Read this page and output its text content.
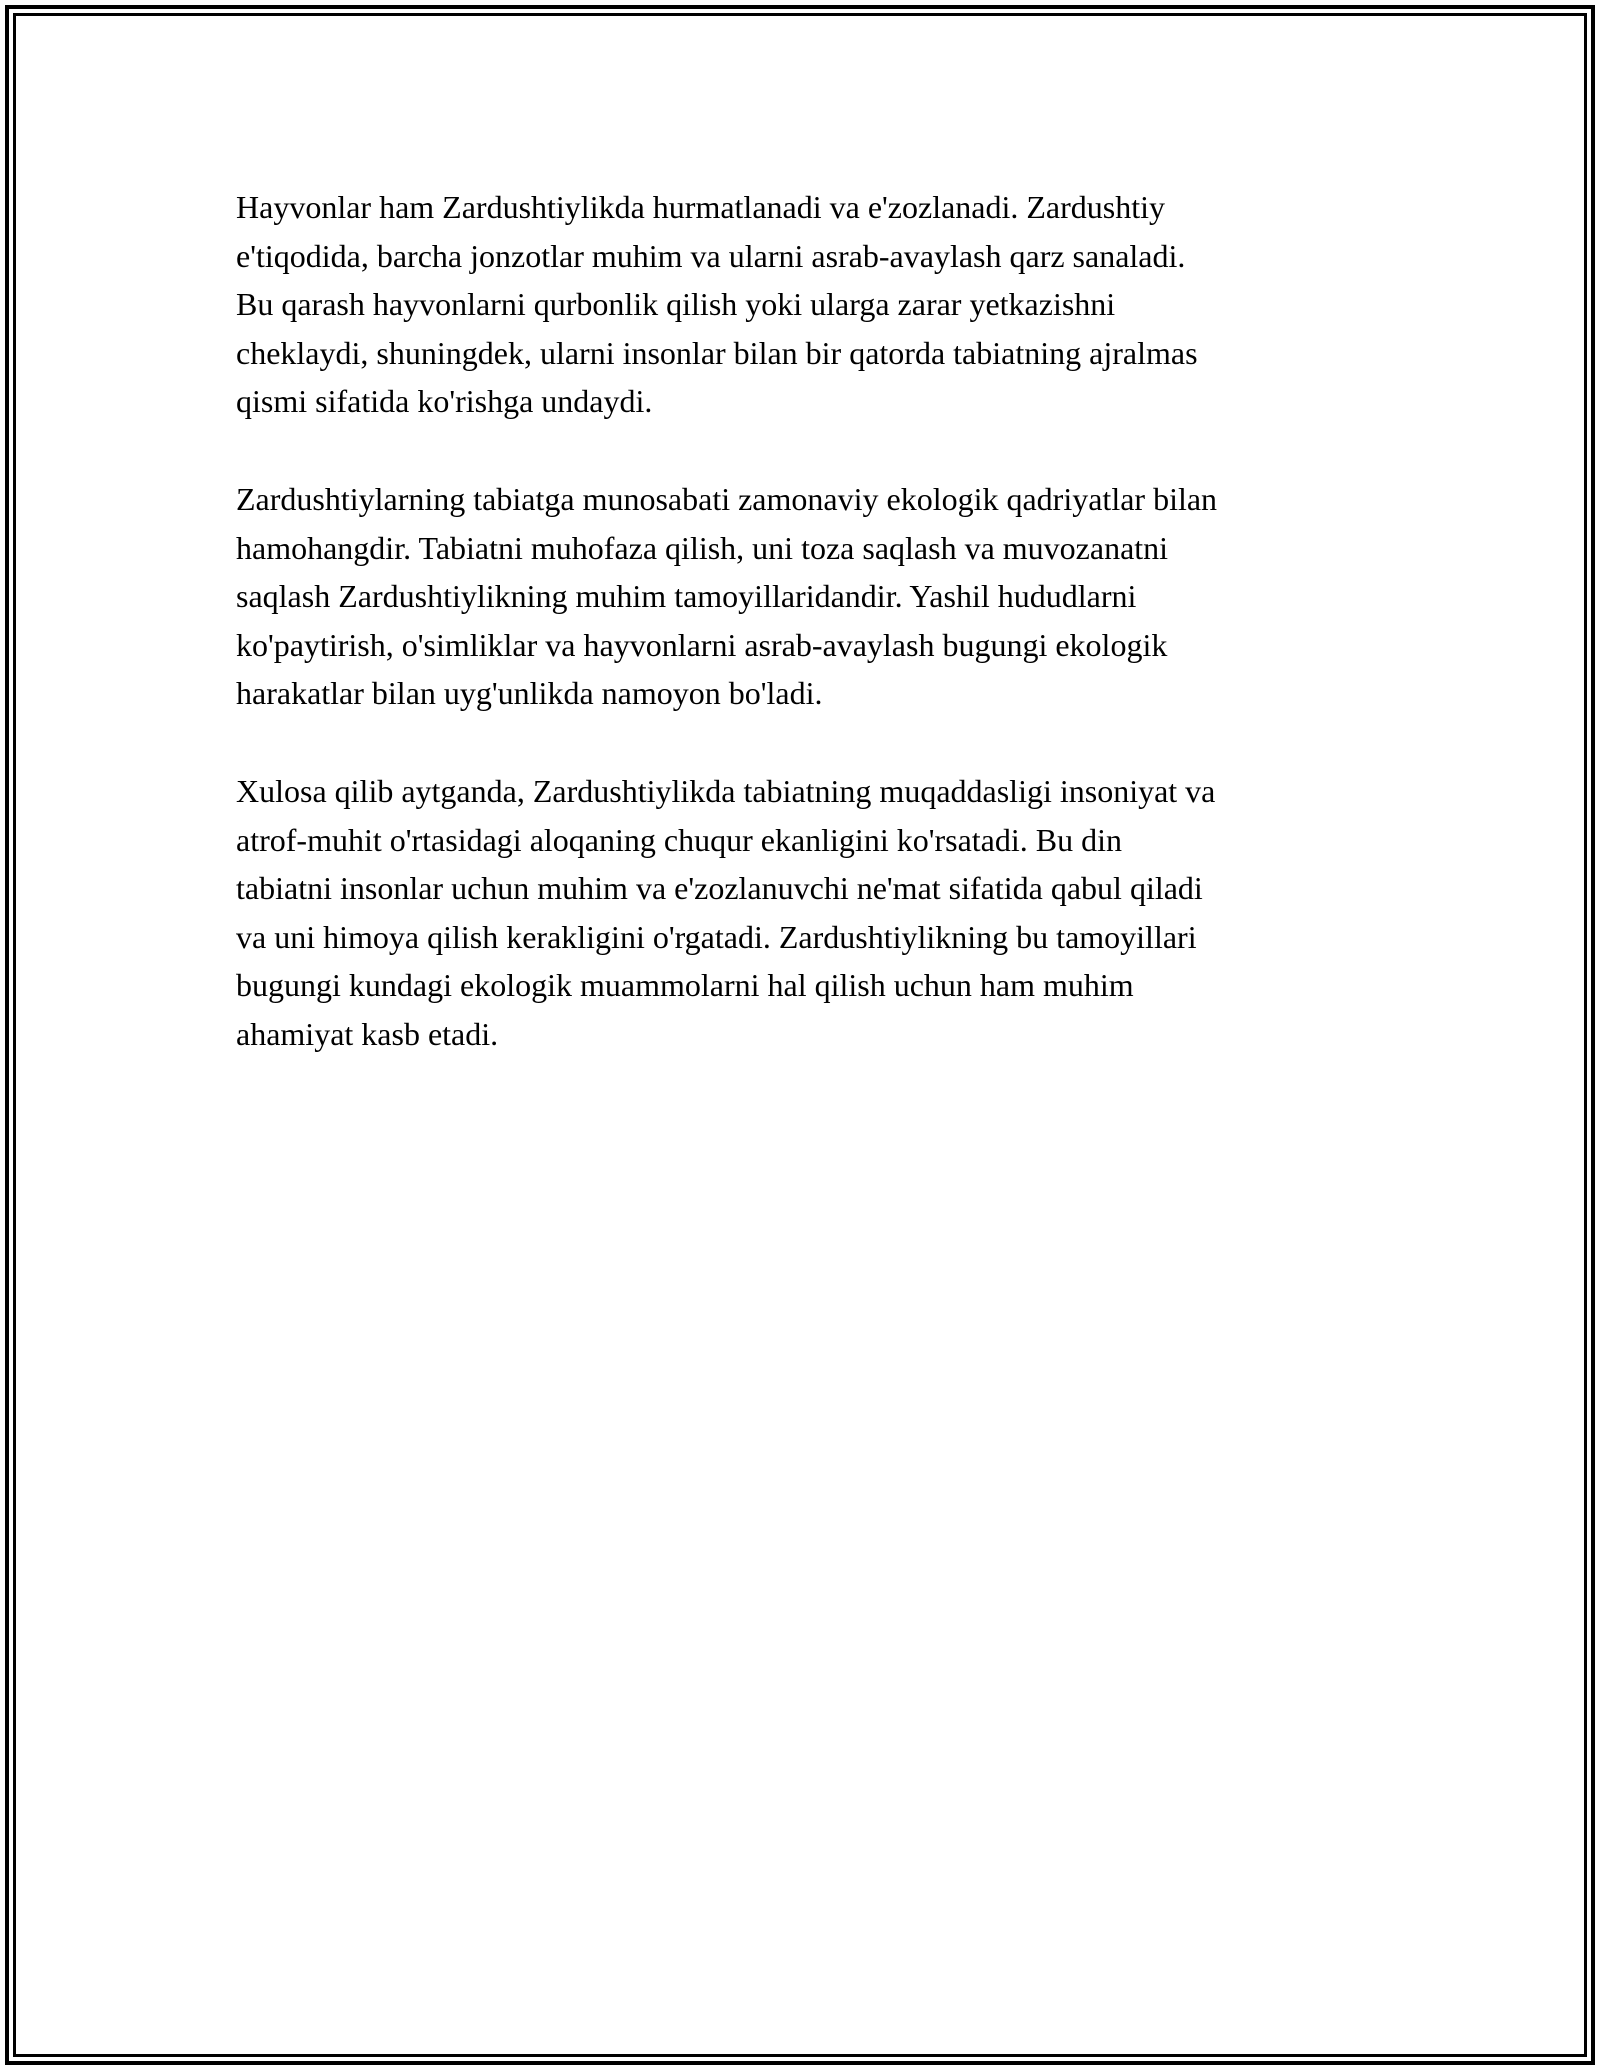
Hayvonlar ham Zardushtiylikda hurmatlanadi va e'zozlanadi. Zardushtiy
e'tiqodida, barcha jonzotlar muhim va ularni asrab-avaylash qarz sanaladi.
Bu qarash hayvonlarni qurbonlik qilish yoki ularga zarar yetkazishni
cheklaydi, shuningdek, ularni insonlar bilan bir qatorda tabiatning ajralmas
qismi sifatida ko'rishga undaydi.

Zardushtiylarning tabiatga munosabati zamonaviy ekologik qadriyatlar bilan
hamohangdir. Tabiatni muhofaza qilish, uni toza saqlash va muvozanatni
saqlash Zardushtiylikning muhim tamoyillaridandir. Yashil hududlarni
ko'paytirish, o'simliklar va hayvonlarni asrab-avaylash bugungi ekologik
harakatlar bilan uyg'unlikda namoyon bo'ladi.

Xulosa qilib aytganda, Zardushtiylikda tabiatning muqaddasligi insoniyat va
atrof-muhit o'rtasidagi aloqaning chuqur ekanligini ko'rsatadi. Bu din
tabiatni insonlar uchun muhim va e'zozlanuvchi ne'mat sifatida qabul qiladi
va uni himoya qilish kerakligini o'rgatadi. Zardushtiylikning bu tamoyillari
bugungi kundagi ekologik muammolarni hal qilish uchun ham muhim
ahamiyat kasb etadi.
